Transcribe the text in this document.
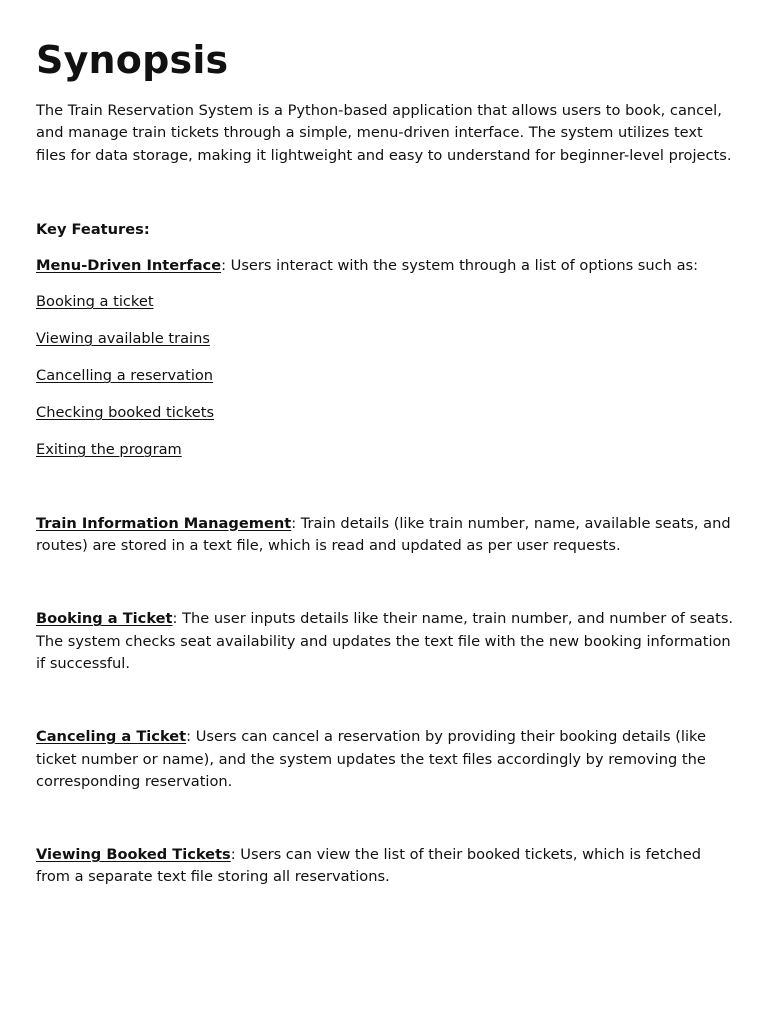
Synopsis

The Train Reservation System is a Python-based application that allows users to book, cancel, and manage train tickets through a simple, menu-driven interface. The system utilizes text files for data storage, making it lightweight and easy to understand for beginner-level projects.

Key Features:

Menu-Driven Interface: Users interact with the system through a list of options such as:

Booking a ticket
Viewing available trains
Cancelling a reservation
Checking booked tickets
Exiting the program

Train Information Management: Train details (like train number, name, available seats, and routes) are stored in a text file, which is read and updated as per user requests.

Booking a Ticket: The user inputs details like their name, train number, and number of seats. The system checks seat availability and updates the text file with the new booking information if successful.

Canceling a Ticket: Users can cancel a reservation by providing their booking details (like ticket number or name), and the system updates the text files accordingly by removing the corresponding reservation.

Viewing Booked Tickets: Users can view the list of their booked tickets, which is fetched from a separate text file storing all reservations.
